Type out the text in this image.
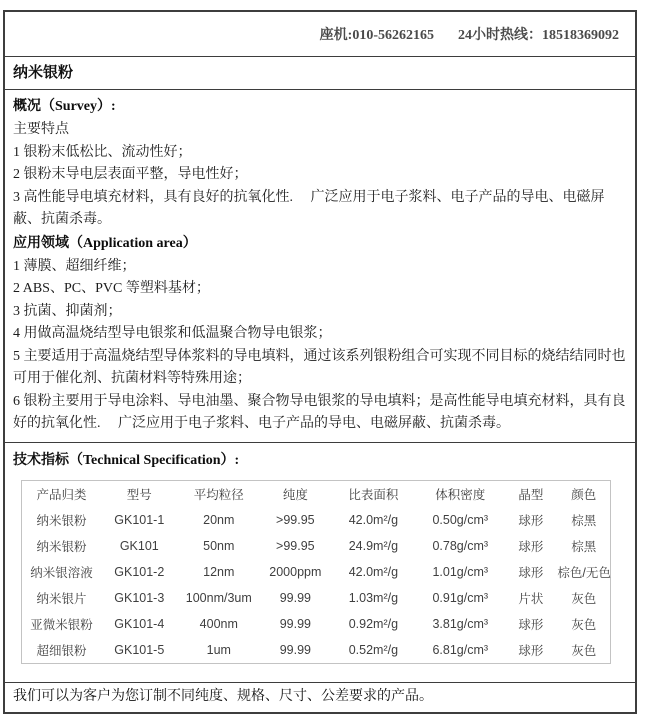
座机:010-56262165 24小时热线：18518369092
纳米银粉
概况（Survey）:
主要特点
1 银粉末低松比、流动性好；
2 银粉末导电层表面平整，导电性好；
3 高性能导电填充材料，具有良好的抗氧化性.　 广泛应用于电子浆料、电子产品的导电、电磁屏蔽、抗菌杀毒。
应用领域（Application area）
1 薄膜、超细纤维；
2 ABS、PC、PVC 等塑料基材；
3 抗菌、抑菌剂；
4 用做高温烧结型导电银浆和低温聚合物导电银浆；
5 主要适用于高温烧结型导体浆料的导电填料，通过该系列银粉组合可实现不同目标的烧结结同时也可用于催化剂、抗菌材料等特殊用途；
6 银粉主要用于导电涂料、导电油墨、聚合物导电银浆的导电填料；是高性能导电填充材料，具有良好的抗氧化性.　 广泛应用于电子浆料、电子产品的导电、电磁屏蔽、抗菌杀毒。
技术指标（Technical Specification）:
产品归类	型号	平均粒径	纯度	比表面积	体积密度	晶型	颜色
纳米银粉	GK101-1	20nm	>99.95	42.0m²/g	0.50g/cm³	球形	棕黑
纳米银粉	GK101	50nm	>99.95	24.9m²/g	0.78g/cm³	球形	棕黑
纳米银溶液	GK101-2	12nm	2000ppm	42.0m²/g	1.01g/cm³	球形	棕色/无色
纳米银片	GK101-3	100nm/3um	99.99	1.03m²/g	0.91g/cm³	片状	灰色
亚微米银粉	GK101-4	400nm	99.99	0.92m²/g	3.81g/cm³	球形	灰色
超细银粉	GK101-5	1um	99.99	0.52m²/g	6.81g/cm³	球形	灰色
我们可以为客户为您订制不同纯度、规格、尺寸、公差要求的产品。
